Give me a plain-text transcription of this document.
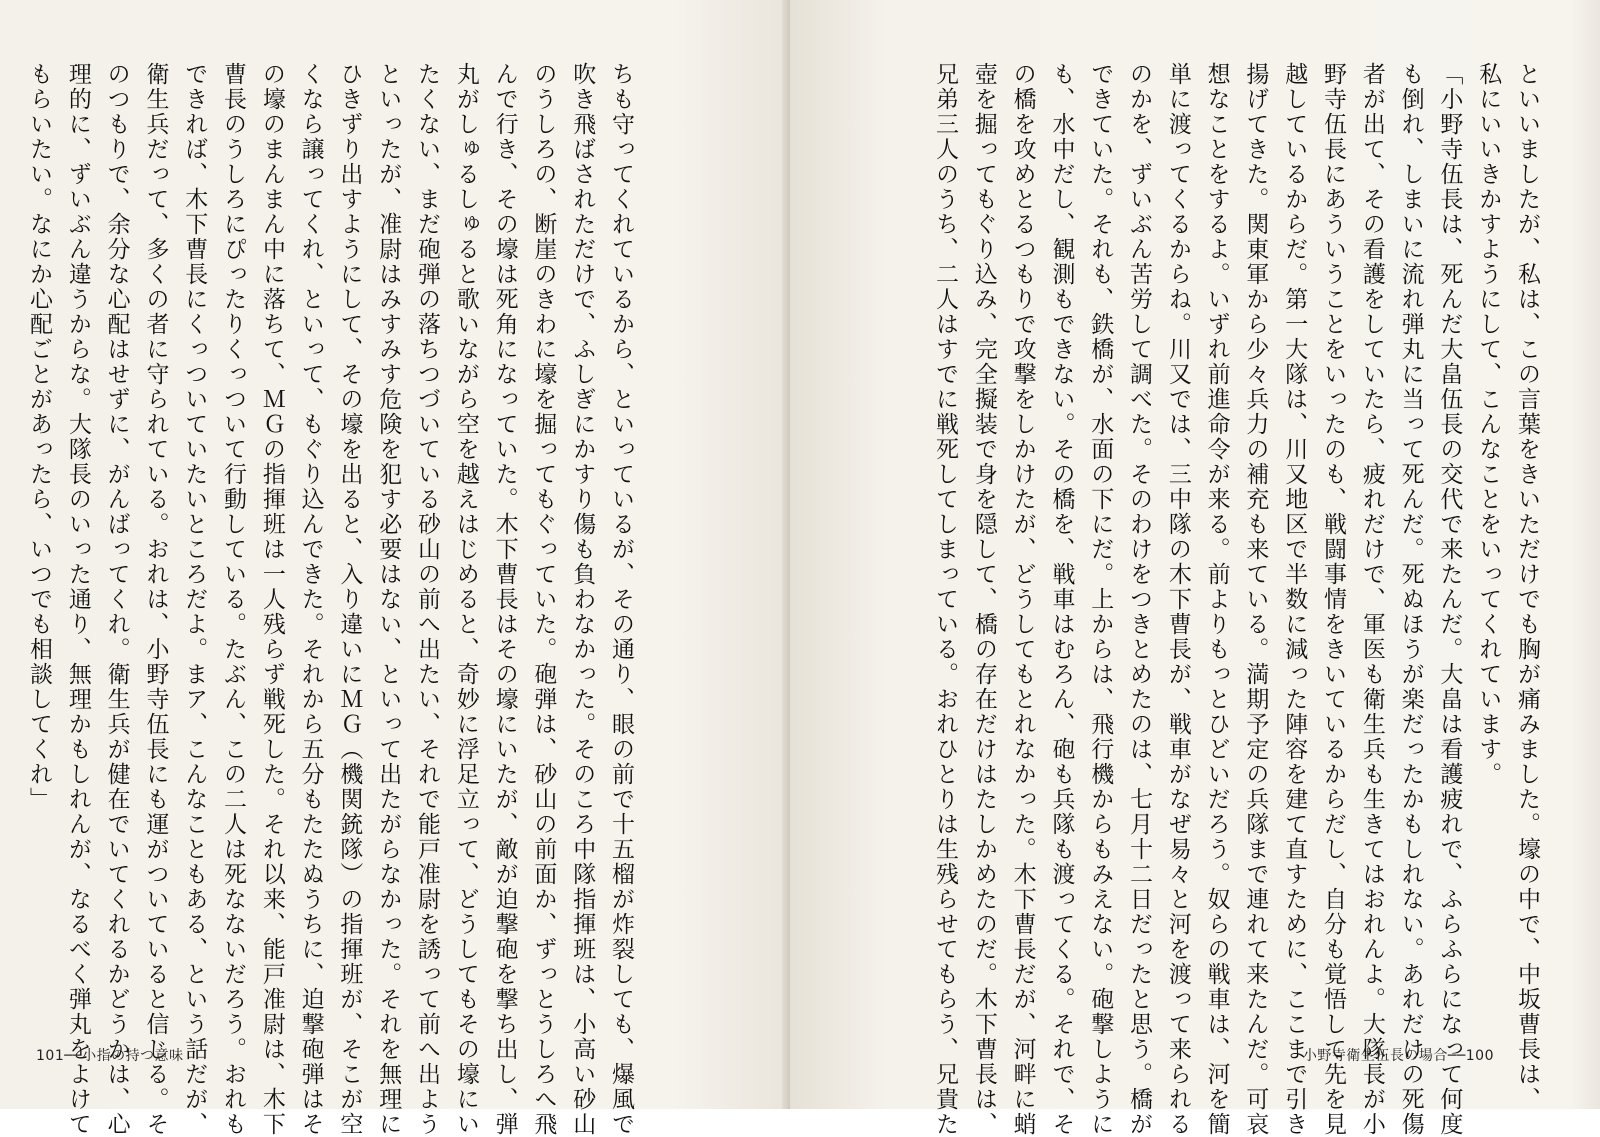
ちも守ってくれているから、といっているが、その通り、眼の前で十五榴が炸裂しても、爆風で
吹き飛ばされただけで、ふしぎにかすり傷も負わなかった。そのころ中隊指揮班は、小高い砂山
のうしろの、断崖のきわに壕を掘ってもぐっていた。砲弾は、砂山の前面か、ずっとうしろへ飛
んで行き、その壕は死角になっていた。木下曹長はその壕にいたが、敵が迫撃砲を撃ち出し、弾
丸がしゅるしゅると歌いながら空を越えはじめると、奇妙に浮足立って、どうしてもその壕にい
たくない、まだ砲弾の落ちつづいている砂山の前へ出たい、それで能戸准尉を誘って前へ出よう
といったが、准尉はみすみす危険を犯す必要はない、といって出たがらなかった。それを無理に
ひきずり出すようにして、その壕を出ると、入り違いにＭＧ（機関銃隊）の指揮班が、そこが空
くなら譲ってくれ、といって、もぐり込んできた。それから五分もたたぬうちに、迫撃砲弾はそ
の壕のまんまん中に落ちて、ＭＧの指揮班は一人残らず戦死した。それ以来、能戸准尉は、木下
曹長のうしろにぴったりくっついて行動している。たぶん、この二人は死なないだろう。おれも
できれば、木下曹長にくっついていたいところだよ。まア、こんなこともある、という話だが、
衛生兵だって、多くの者に守られている。おれは、小野寺伍長にも運がついていると信じる。そ
のつもりで、余分な心配はせずに、がんばってくれ。衛生兵が健在でいてくれるかどうかは、心
理的に、ずいぶん違うからな。大隊長のいった通り、無理かもしれんが、なるべく弾丸をよけて
もらいたい。なにか心配ごとがあったら、いつでも相談してくれ」
101──小指の持つ意味	といいましたが、私は、この言葉をきいただけでも胸が痛みました。壕の中で、中坂曹長は、
私にいいきかすようにして、こんなことをいってくれています。
「小野寺伍長は、死んだ大畠伍長の交代で来たんだ。大畠は看護疲れで、ふらふらになって何度
も倒れ、しまいに流れ弾丸に当って死んだ。死ぬほうが楽だったかもしれない。あれだけの死傷
者が出て、その看護をしていたら、疲れだけで、軍医も衛生兵も生きてはおれんよ。大隊長が小
野寺伍長にあういうことをいったのも、戦闘事情をきいているからだし、自分も覚悟して先を見
越しているからだ。第一大隊は、川又地区で半数に減った陣容を建て直すために、ここまで引き
揚げてきた。関東軍から少々兵力の補充も来ている。満期予定の兵隊まで連れて来たんだ。可哀
想なことをするよ。いずれ前進命令が来る。前よりもっとひどいだろう。奴らの戦車は、河を簡
単に渡ってくるからね。川又では、三中隊の木下曹長が、戦車がなぜ易々と河を渡って来られる
のかを、ずいぶん苦労して調べた。そのわけをつきとめたのは、七月十二日だったと思う。橋が
できていた。それも、鉄橋が、水面の下にだ。上からは、飛行機からもみえない。砲撃しように
も、水中だし、観測もできない。その橋を、戦車はむろん、砲も兵隊も渡ってくる。それで、そ
の橋を攻めとるつもりで攻撃をしかけたが、どうしてもとれなかった。木下曹長だが、河畔に蛸
壺を掘ってもぐり込み、完全擬装で身を隠して、橋の存在だけはたしかめたのだ。木下曹長は、
兄弟三人のうち、二人はすでに戦死してしまっている。おれひとりは生残らせてもらう、兄貴た	小野寺衛生伍長の場合──100
